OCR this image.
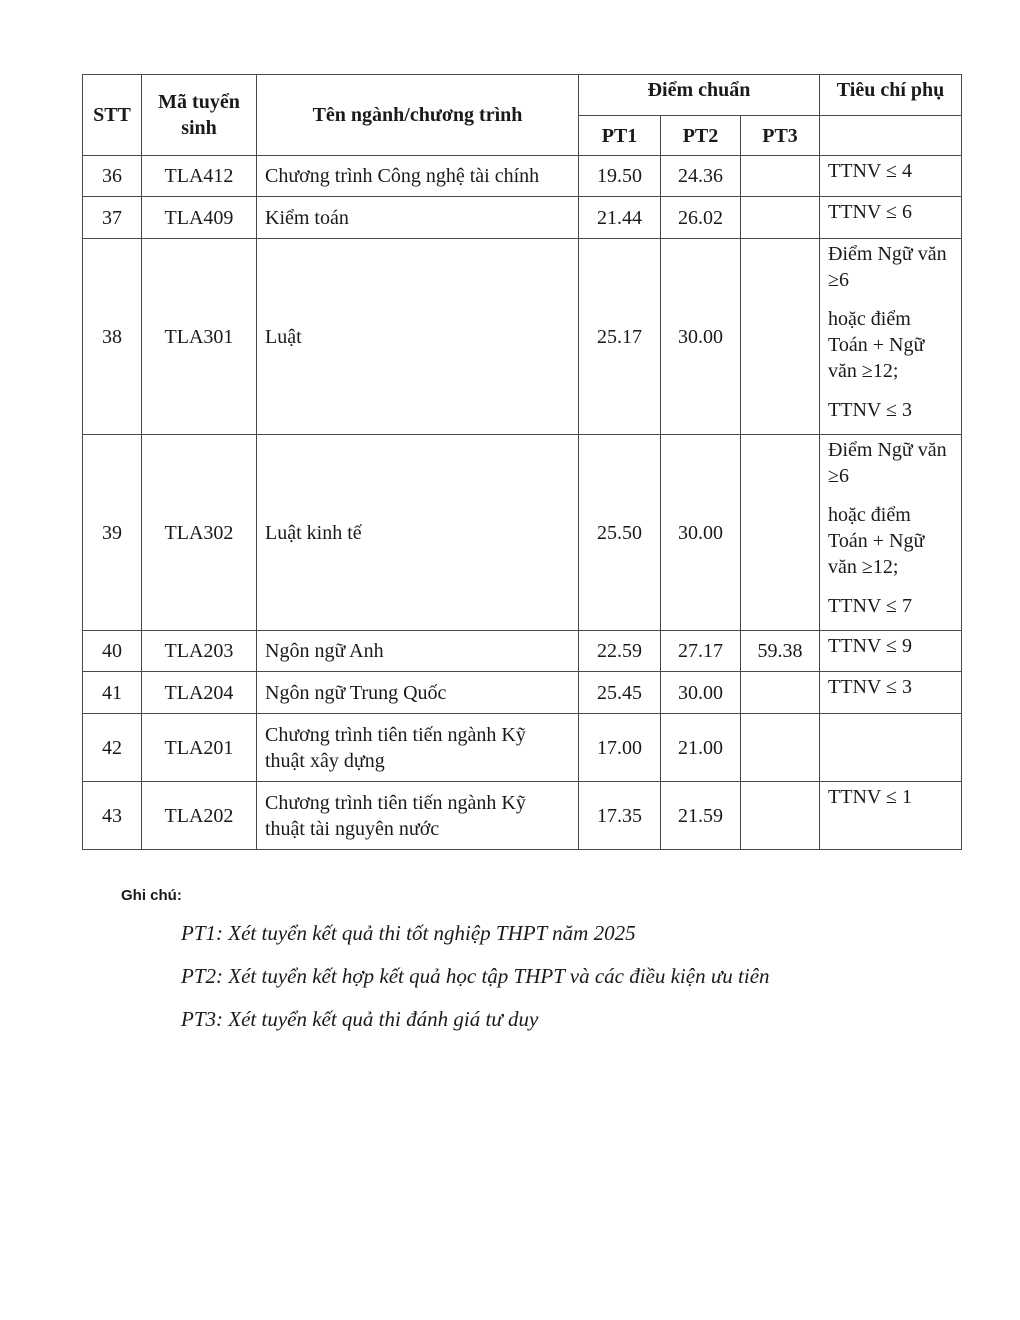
STT	Mã tuyển sinh	Tên ngành/chương trình	Điểm chuẩn			Tiêu chí phụ
			PT1	PT2	PT3	
36	TLA412	Chương trình Công nghệ tài chính	19.50	24.36		TTNV ≤ 4

37	TLA409	Kiểm toán	21.44	26.02		TTNV ≤ 6

38	TLA301	Luật	25.17	30.00		Điểm Ngữ văn ≥6

hoặc điểm Toán + Ngữ văn ≥12;

TTNV ≤ 3

39	TLA302	Luật kinh tế	25.50	30.00		Điểm Ngữ văn ≥6

hoặc điểm Toán + Ngữ văn ≥12;

TTNV ≤ 7

40	TLA203	Ngôn ngữ Anh	22.59	27.17	59.38	TTNV ≤ 9

41	TLA204	Ngôn ngữ Trung Quốc	25.45	30.00		TTNV ≤ 3

42	TLA201	Chương trình tiên tiến ngành Kỹ thuật xây dựng	17.00	21.00		
43	TLA202	Chương trình tiên tiến ngành Kỹ thuật tài nguyên nước	17.35	21.59		TTNV ≤ 1

Ghi chú:

PT1: Xét tuyển kết quả thi tốt nghiệp THPT năm 2025

PT2: Xét tuyển kết hợp kết quả học tập THPT và các điều kiện ưu tiên

PT3: Xét tuyển kết quả thi đánh giá tư duy
